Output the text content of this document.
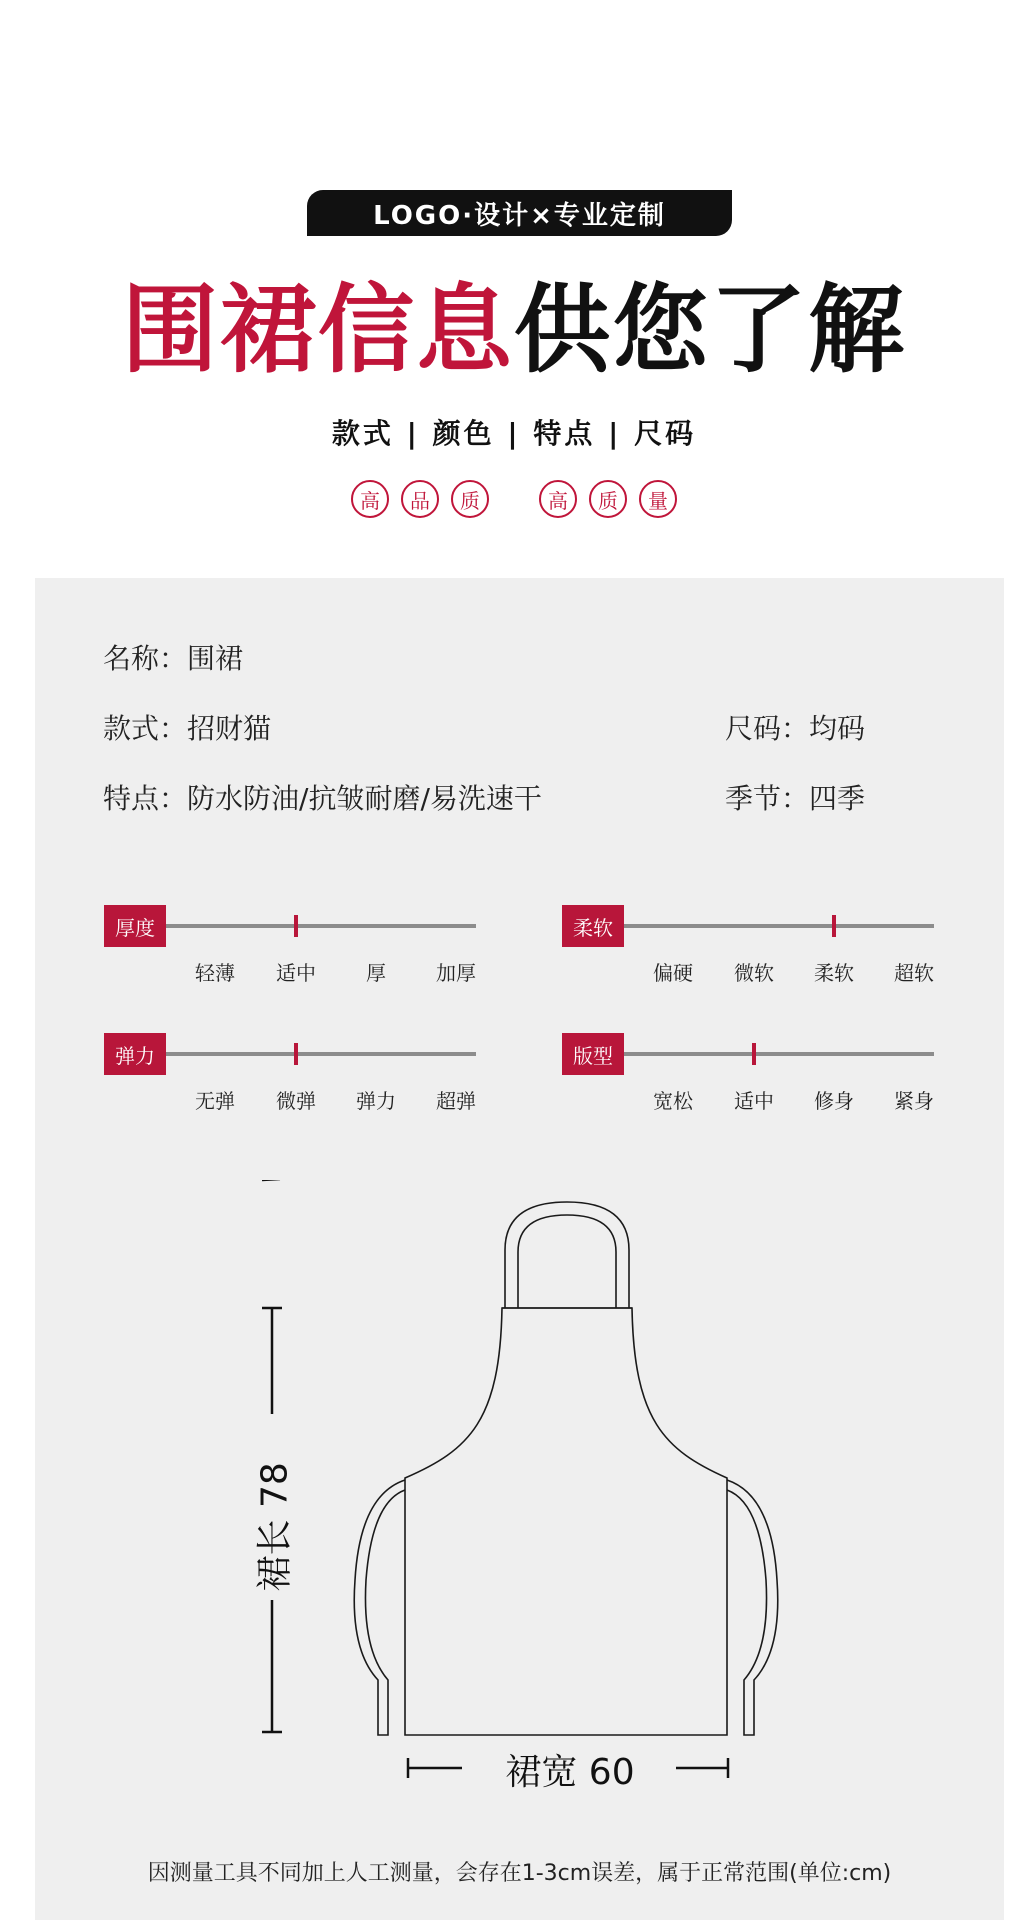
LOGO·设计×专业定制
围裙信息供您了解
款式 | 颜色 | 特点 | 尺码
高	品	质	高	质	量
名称：围裙
款式：招财猫	尺码：均码
特点：防水防油/抗皱耐磨/易洗速干	季节：四季
厚度
轻薄	适中	厚	加厚
柔软
偏硬	微软	柔软	超软
弹力
无弹	微弹	弹力	超弹
版型
宽松	适中	修身	紧身
裙长 78
裙宽 60
因测量工具不同加上人工测量，会存在1-3cm误差，属于正常范围(单位:cm)
